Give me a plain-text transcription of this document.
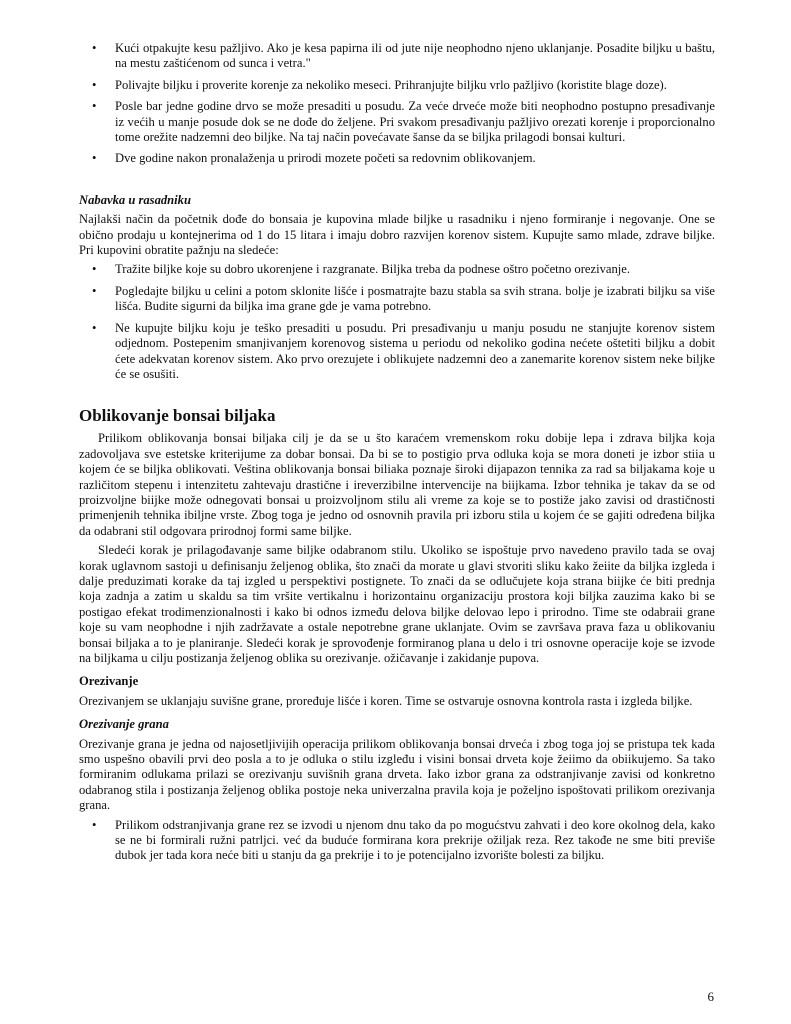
• Kući otpakujte kesu pažljivo. Ako je kesa papirna ili od jute nije neophodno njeno uklanjanje. Posadite biljku u baštu, na mestu zaštićenom od sunca i vetra."
• Polivajte biljku i proverite korenje za nekoliko meseci. Prihranjujte biljku vrlo pažljivo (koristite blage doze).
• Posle bar jedne godine drvo se može presaditi u posudu. Za veće drveće može biti neophodno postupno presađivanje iz većih u manje posude dok se ne dođe do željene. Pri svakom presađivanju pažljivo orezati korenje i proporcionalno tome orežite nadzemni deo biljke. Na taj način povećavate šanse da se biljka prilagodi bonsai kulturi.
• Dve godine nakon pronalaženja u prirodi mozete početi sa redovnim oblikovanjem.
Nabavka u rasadniku

Najlakši način da početnik dođe do bonsaia je kupovina mlade biljke u rasadniku i njeno formiranje i negovanje. One se obično prodaju u kontejnerima od 1 do 15 litara i imaju dobro razvijen korenov sistem. Kupujte samo mlade, zdrave biljke. Pri kupovini obratite pažnju na sledeće:

• Tražite biljke koje su dobro ukorenjene i razgranate. Biljka treba da podnese oštro početno orezivanje.
• Pogledajte biljku u celini a potom sklonite lišće i posmatrajte bazu stabla sa svih strana. bolje je izabrati biljku sa više lišća. Budite sigurni da biljka ima grane gde je vama potrebno.
• Ne kupujte biljku koju je teško presaditi u posudu. Pri presađivanju u manju posudu ne stanjujte korenov sistem odjednom. Postepenim smanjivanjem korenovog sistema u periodu od nekoliko godina nećete oštetiti biljku a dobit ćete adekvatan korenov sistem. Ako prvo orezujete i oblikujete nadzemni deo a zanemarite korenov sistem neke biljke će se osušiti.
Oblikovanje bonsai biljaka

Prilikom oblikovanja bonsai biljaka cilj je da se u što karaćem vremenskom roku dobije lepa i zdrava biljka koja zadovoljava sve estetske kriterijume za dobar bonsai. Da bi se to postigio prva odluka koja se mora doneti je izbor stiia u kojem će se biljka oblikovati. Veština oblikovanja bonsai biliaka poznaje široki dijapazon tennika za rad sa biljakama koje u različitom stepenu i intenzitetu zahtevaju drastične i ireverzibilne intervencije na biijkama. Izbor tehnika je takav da se od proizvoljne biijke može odnegovati bonsai u proizvoljnom stilu ali vreme za koje se to postiže jako zavisi od drastičnosti primenjenih tehnika ibiljne vrste. Zbog toga je jedno od osnovnih pravila pri izboru stila u kojem će se gajiti određena biljka da odabrani stil odgovara prirodnoj formi same biljke.

Sledeći korak je prilagođavanje same biljke odabranom stilu. Ukoliko se ispoštuje prvo navedeno pravilo tada se ovaj korak uglavnom sastoji u definisanju željenog oblika, što znači da morate u glavi stvoriti sliku kako žeiite da biljka izgleda i dalje preduzimati korake da taj izgled u perspektivi postignete. To znači da se odlučujete koja strana biijke će biti prednja koja zadnja a zatim u skaldu sa tim vršite vertikalnu i horizontainu organizaciju prostora koji biljka zauzima kako bi se postigao efekat trodimenzionalnosti i kako bi odnos između delova biljke delovao lepo i prirodno. Time ste odabraii grane koje su vam neophodne i njih zadržavate a ostale nepotrebne grane uklanjate. Ovim se završava prava faza u oblikovaniu bonsai biljaka a to je planiranje. Sledeći korak je sprovođenje formiranog plana u delo i tri osnovne operacije koje se izvode na biljkama u cilju postizanja željenog oblika su orezivanje. ožičavanje i zakidanje pupova.

Orezivanje

Orezivanjem se uklanjaju suvišne grane, proređuje lišće i koren. Time se ostvaruje osnovna kontrola rasta i izgleda biljke.

Orezivanje grana

Orezivanje grana je jedna od najosetljivijih operacija prilikom oblikovanja bonsai drveća i zbog toga joj se pristupa tek kada smo uspešno obavili prvi deo posla a to je odluka o stilu izgleđu i visini bonsai drveta koje žeiimo da obiikujemo. Sa tako formiranim odlukama prilazi se orezivanju suvišnih grana drveta. Iako izbor grana za odstranjivanje zavisi od konkretno odabranog stila i postizanja željenog oblika postoje neka univerzalna pravila koja je poželjno ispoštovati prilikom orezivanja grana.

• Prilikom odstranjivanja grane rez se izvodi u njenom dnu tako da po mogućstvu zahvati i deo kore okolnog dela, kako se ne bi formirali ružni patrljci. već da buduće formirana kora prekrije ožiljak reza. Rez takođe ne sme biti previše dubok jer tada kora neće biti u stanju da ga prekrije i to je potencijalno izvorište bolesti za biljku.
6
